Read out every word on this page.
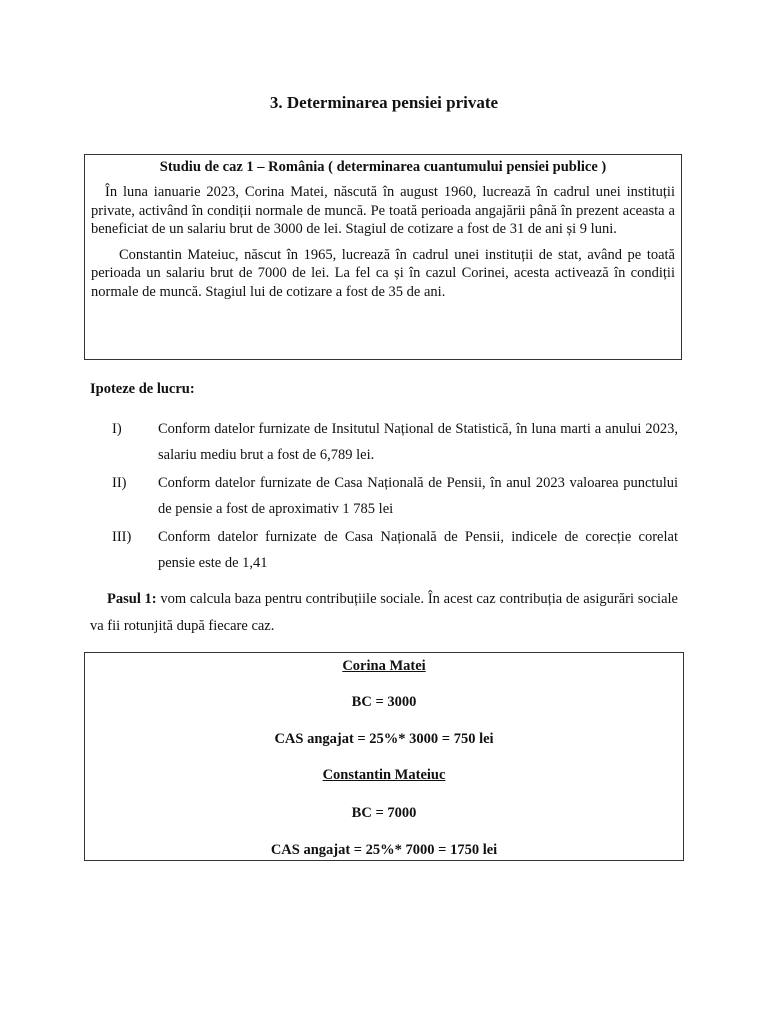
3. Determinarea pensiei private

Studiu de caz 1 – România ( determinarea cuantumului pensiei publice )

În luna ianuarie 2023, Corina Matei, născută în august 1960, lucrează în cadrul unei instituții private, activând în condiții normale de muncă. Pe toată perioada angajării până în prezent aceasta a beneficiat de un salariu brut de 3000 de lei. Stagiul de cotizare a fost de 31 de ani și 9 luni.

Constantin Mateiuc, născut în 1965, lucrează în cadrul unei instituții de stat, având pe toată perioada un salariu brut de 7000 de lei. La fel ca și în cazul Corinei, acesta activează în condiții normale de muncă. Stagiul lui de cotizare a fost de 35 de ani.

Ipoteze de lucru:

I)	Conform datelor furnizate de Insitutul Național de Statistică, în luna marti a anului 2023, salariu mediu brut a fost de 6,789 lei.
II)	Conform datelor furnizate de Casa Națională de Pensii, în anul 2023 valoarea punctului de pensie a fost de aproximativ 1 785 lei
III)	Conform datelor furnizate de Casa Națională de Pensii, indicele de corecție corelat pensie este de 1,41

Pasul 1: vom calcula baza pentru contribuțiile sociale. În acest caz contribuția de asigurări sociale va fii rotunjită după fiecare caz.

Corina Matei

BC = 3000

CAS angajat = 25%* 3000 = 750 lei

Constantin Mateiuc

BC = 7000

CAS angajat = 25%* 7000 = 1750 lei
